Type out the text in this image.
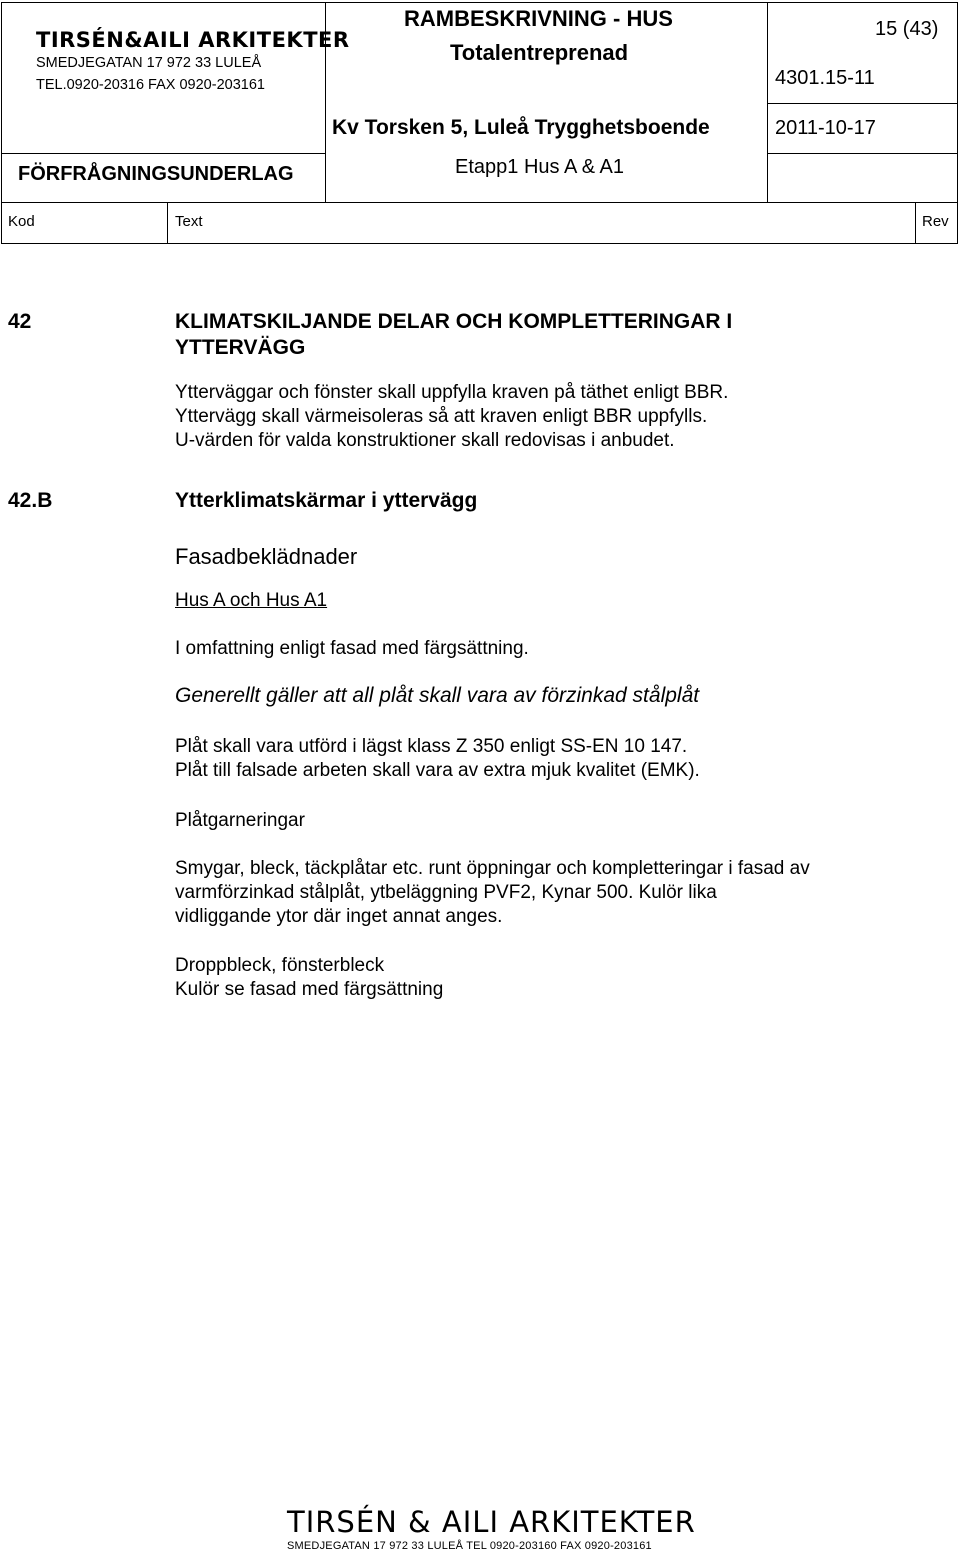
TIRSÉN&AILI ARKITEKTER
SMEDJEGATAN 17 972 33 LULEÅ
TEL.0920-20316 FAX 0920-203161
FÖRFRÅGNINGSUNDERLAG
RAMBESKRIVNING - HUS
Totalentreprenad
Kv Torsken 5, Luleå Trygghetsboende
Etapp1 Hus A & A1
15 (43)
4301.15-11
2011-10-17
Kod	Text	Rev
42	KLIMATSKILJANDE DELAR OCH KOMPLETTERINGAR I
YTTERVÄGG
Ytterväggar och fönster skall uppfylla kraven på täthet enligt BBR.
Yttervägg skall värmeisoleras så att kraven enligt BBR uppfylls.
U-värden för valda konstruktioner skall redovisas i anbudet.
42.B	Ytterklimatskärmar i yttervägg
Fasadbeklädnader
Hus A och Hus A1
I omfattning enligt fasad med färgsättning.
Generellt gäller att all plåt skall vara av förzinkad stålplåt
Plåt skall vara utförd i lägst klass Z 350 enligt SS-EN 10 147.
Plåt till falsade arbeten skall vara av extra mjuk kvalitet (EMK).
Plåtgarneringar
Smygar, bleck, täckplåtar etc. runt öppningar och kompletteringar i fasad av
varmförzinkad stålplåt, ytbeläggning PVF2, Kynar 500. Kulör lika
vidliggande ytor där inget annat anges.
Droppbleck, fönsterbleck
Kulör se fasad med färgsättning
TIRSÉN & AILI ARKITEKTER
SMEDJEGATAN 17 972 33 LULEÅ TEL 0920-203160 FAX 0920-203161
